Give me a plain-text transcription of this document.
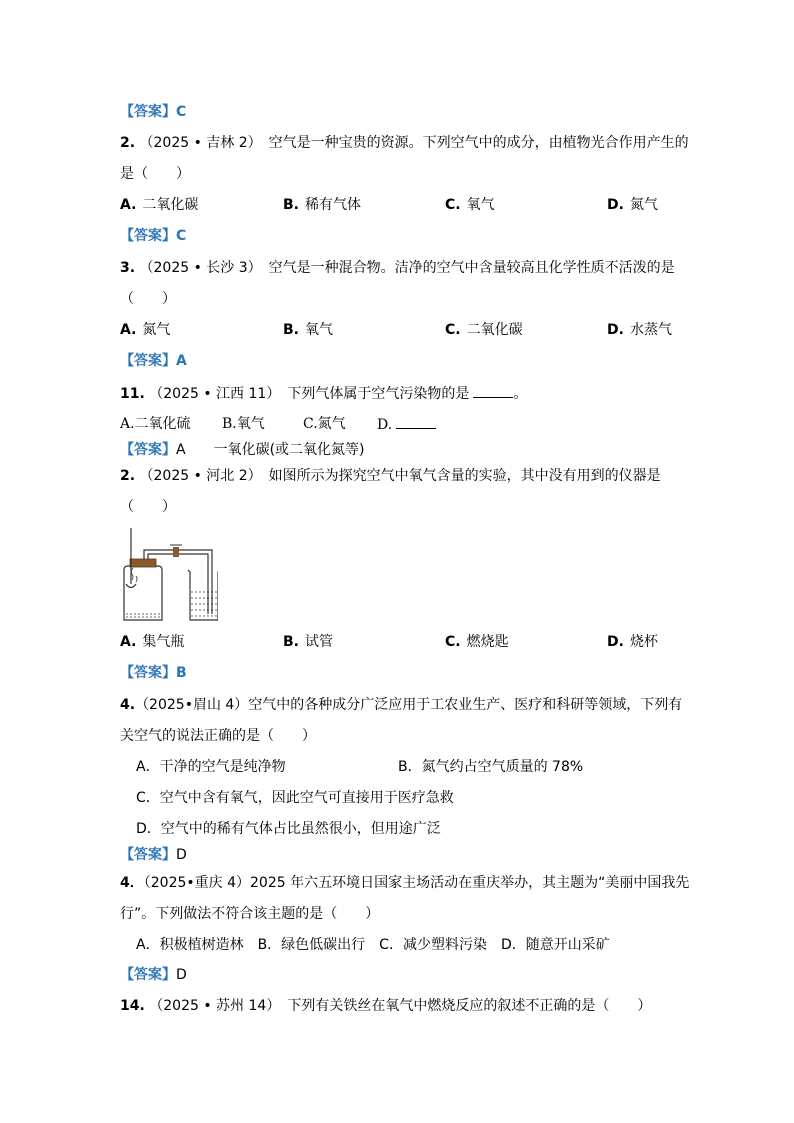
【答案】C
2. （2025 • 吉林 2）　 空气是一种宝贵的资源。下列空气中的成分，由植物光合作用产生的
是（　　）
A. 二氧化碳	B. 稀有气体	C. 氧气	D. 氮气
【答案】C
3. （2025 • 长沙 3）　 空气是一种混合物。洁净的空气中含量较高且化学性质不活泼的是
（　　）
A. 氮气	B. 氧气	C. 二氧化碳	D. 水蒸气
【答案】A
11. （2025 • 江西 11）　 下列气体属于空气污染物的是	。
A.二氧化硫 B.氧气	C.氮气 D.
【答案】A　　一氧化碳(或二氧化氮等)
2. （2025 • 河北 2）　 如图所示为探究空气中氧气含量的实验，其中没有用到的仪器是
（　　）
A. 集气瓶	B. 试管	C. 燃烧匙	D. 烧杯
【答案】B
4.（2025•眉山 4）空气中的各种成分广泛应用于工农业生产、医疗和科研等领域，下列有
关空气的说法正确的是（　　）
A．干净的空气是纯净物	B．氮气约占空气质量的 78%
C．空气中含有氧气，因此空气可直接用于医疗急救
D．空气中的稀有气体占比虽然很小，但用途广泛
【答案】D
4．（2025•重庆 4）2025 年六五环境日国家主场活动在重庆举办，其主题为“美丽中国我先
行”。下列做法不符合该主题的是（　　）
A．积极植树造林　B．绿色低碳出行　C．减少塑料污染　D．随意开山采矿
【答案】D
14. （2025 • 苏州 14）　 下列有关铁丝在氧气中燃烧反应的叙述不正确的是（　　）
